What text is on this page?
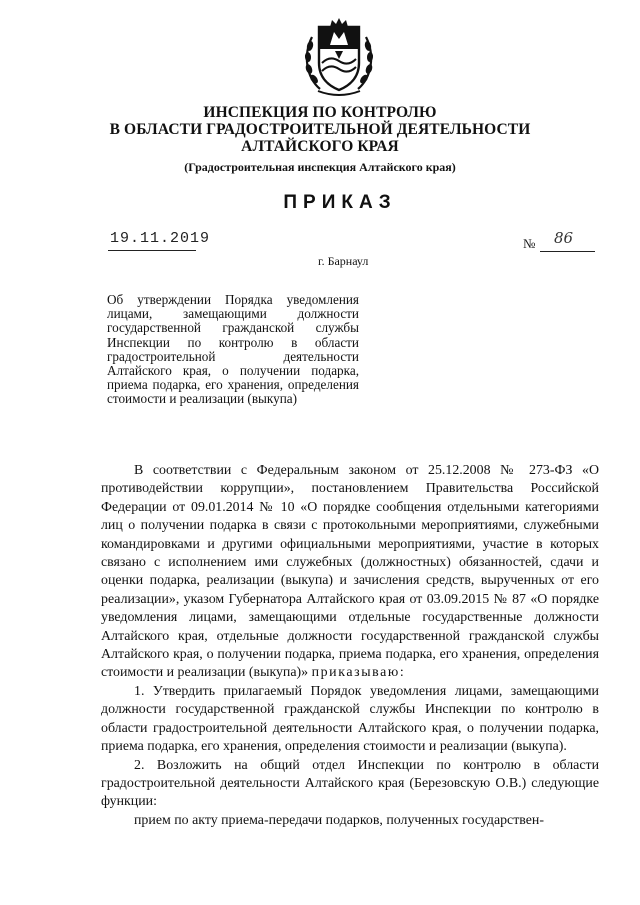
ИНСПЕКЦИЯ ПО КОНТРОЛЮ
В ОБЛАСТИ ГРАДОСТРОИТЕЛЬНОЙ ДЕЯТЕЛЬНОСТИ
АЛТАЙСКОГО КРАЯ
(Градостроительная инспекция Алтайского края)
ПРИКАЗ
19.11.2019	№	86
г. Барнаул
Об утверждении Порядка уведомления лицами, замещающими должности государственной гражданской службы Инспекции по контролю в области градостроительной деятельности Алтайского края, о получении подарка, приема подарка, его хранения, определения стоимости и реализации (выкупа)

В соответствии с Федеральным законом от 25.12.2008 № 273-ФЗ «О противодействии коррупции», постановлением Правительства Российской Федерации от 09.01.2014 № 10 «О порядке сообщения отдельными категориями лиц о получении подарка в связи с протокольными мероприятиями, служебными командировками и другими официальными мероприятиями, участие в которых связано с исполнением ими служебных (должностных) обязанностей, сдачи и оценки подарка, реализации (выкупа) и зачисления средств, вырученных от его реализации», указом Губернатора Алтайского края от 03.09.2015 № 87 «О порядке уведомления лицами, замещающими отдельные государственные должности Алтайского края, отдельные должности государственной гражданской службы Алтайского края, о получении подарка, приема подарка, его хранения, определения стоимости и реализации (выкупа)» приказываю:

1. Утвердить прилагаемый Порядок уведомления лицами, замещающими должности государственной гражданской службы Инспекции по контролю в области градостроительной деятельности Алтайского края, о получении подарка, приема подарка, его хранения, определения стоимости и реализации (выкупа).

2. Возложить на общий отдел Инспекции по контролю в области градостроительной деятельности Алтайского края (Березовскую О.В.) следующие функции:

прием по акту приема-передачи подарков, полученных государствен-
